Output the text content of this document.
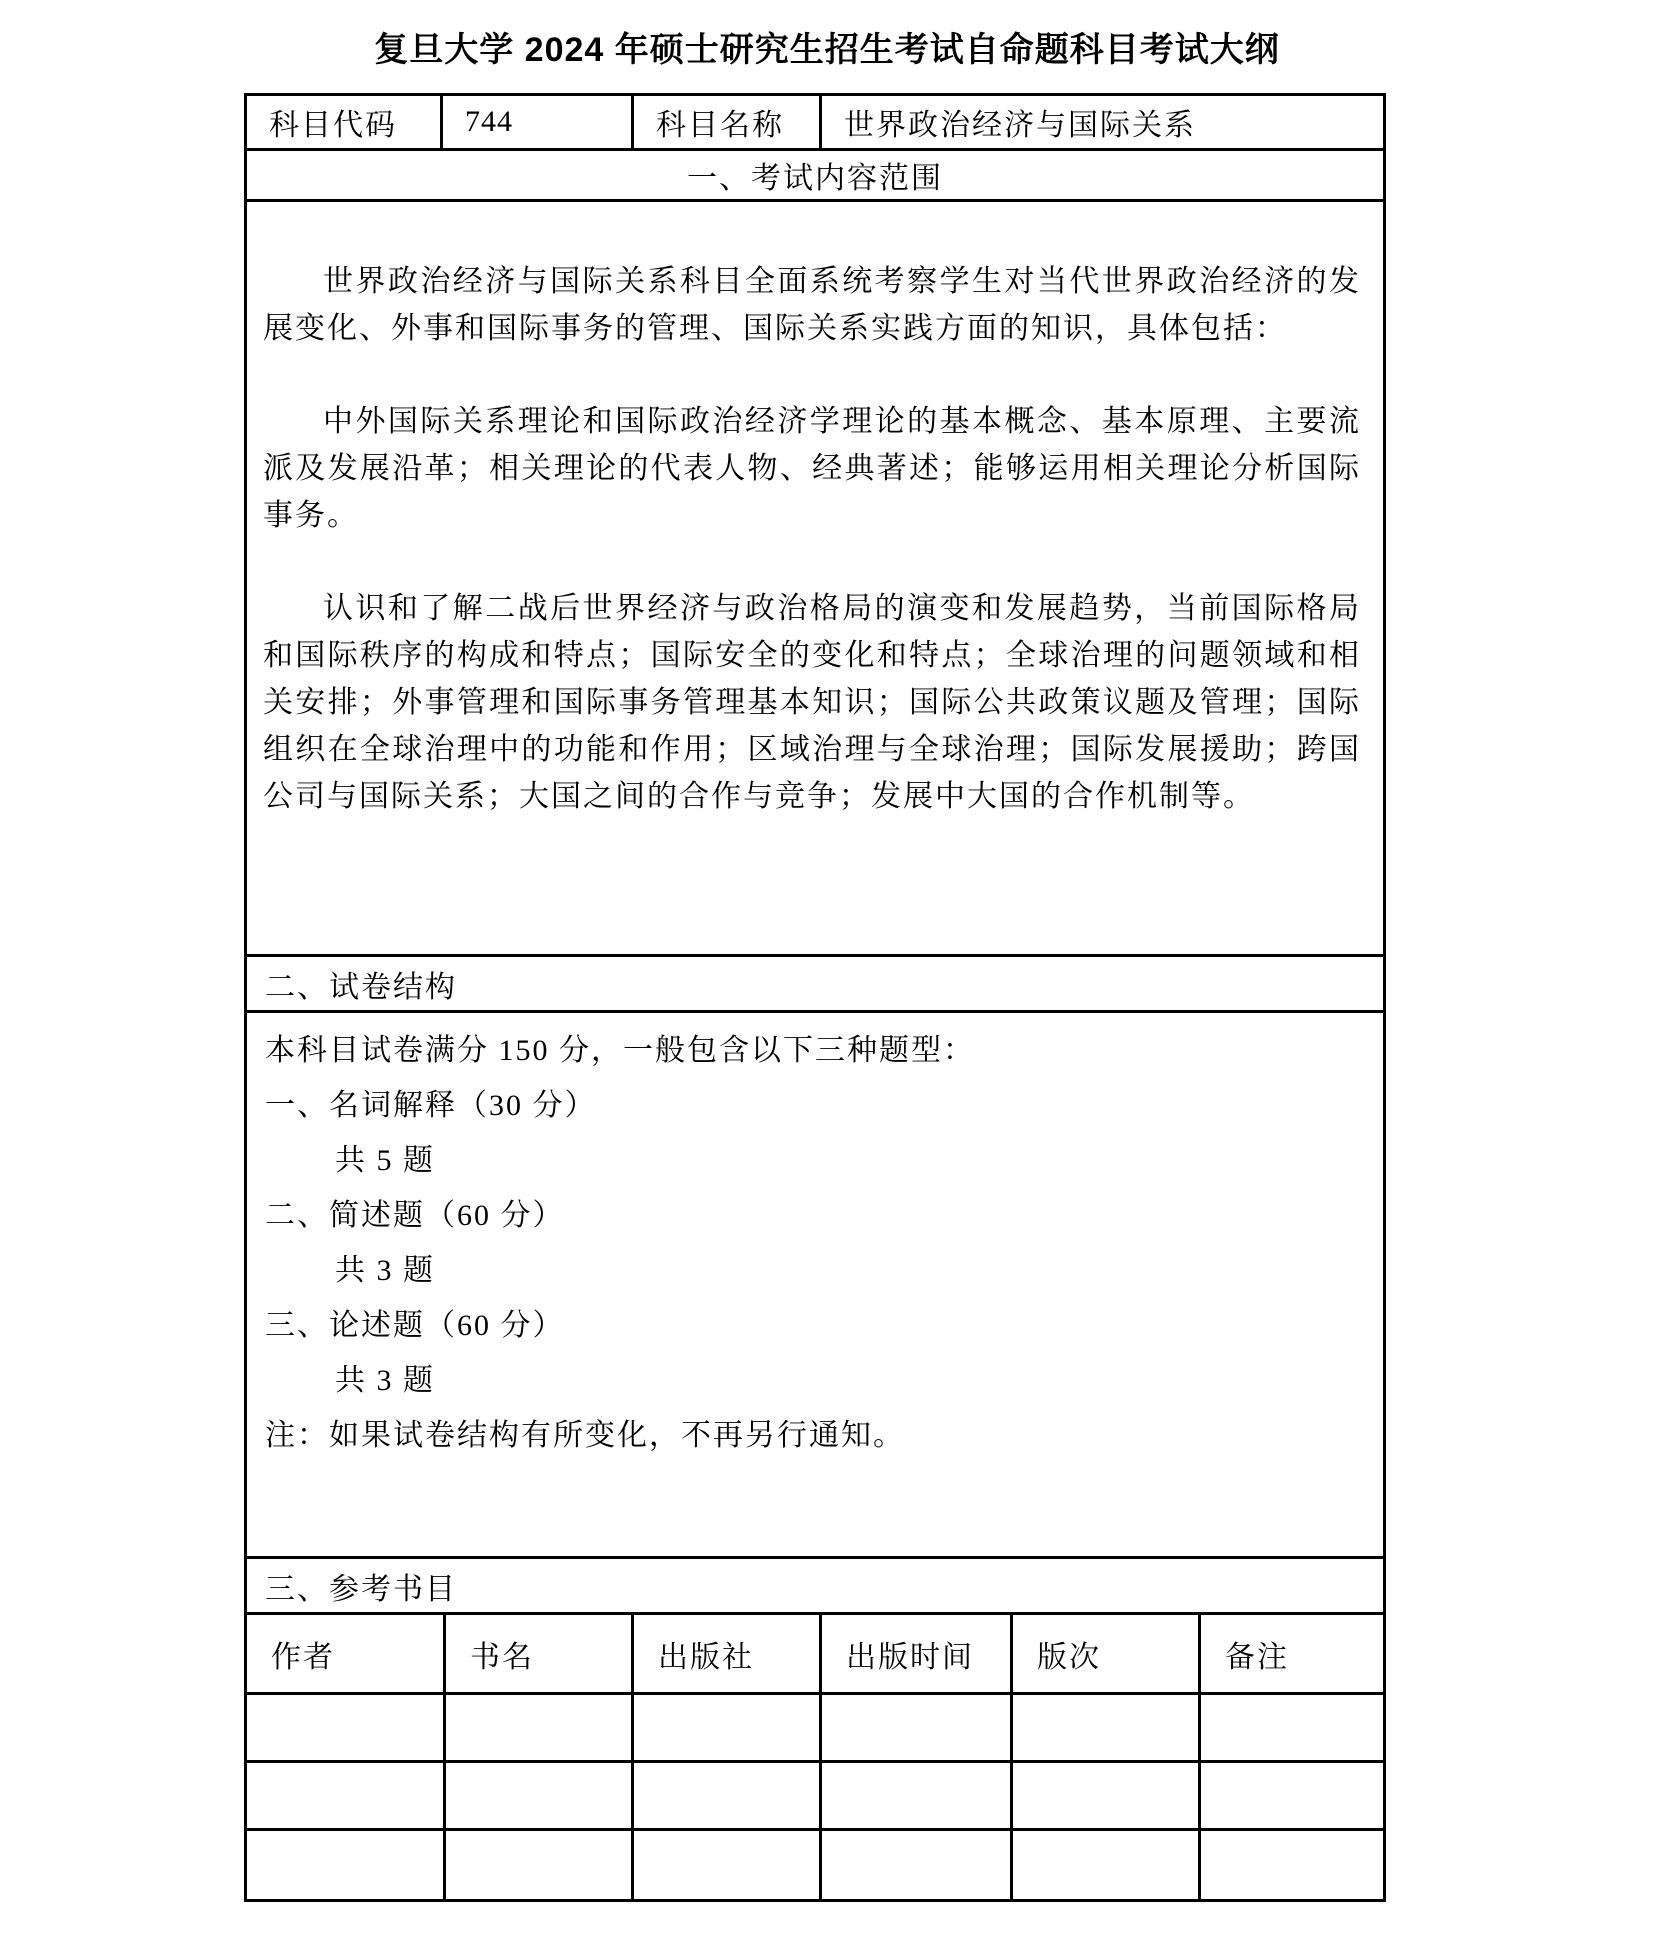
复旦大学 2024 年硕士研究生招生考试自命题科目考试大纲
科目代码	744	科目名称	世界政治经济与国际关系
一、考试内容范围

世界政治经济与国际关系科目全面系统考察学生对当代世界政治经济的发展变化、外事和国际事务的管理、国际关系实践方面的知识，具体包括：

中外国际关系理论和国际政治经济学理论的基本概念、基本原理、主要流派及发展沿革；相关理论的代表人物、经典著述；能够运用相关理论分析国际事务。

认识和了解二战后世界经济与政治格局的演变和发展趋势，当前国际格局和国际秩序的构成和特点；国际安全的变化和特点；全球治理的问题领域和相关安排；外事管理和国际事务管理基本知识；国际公共政策议题及管理；国际组织在全球治理中的功能和作用；区域治理与全球治理；国际发展援助；跨国公司与国际关系；大国之间的合作与竞争；发展中大国的合作机制等。

二、试卷结构
本科目试卷满分 150 分，一般包含以下三种题型：
一、名词解释（30 分）
共 5 题
二、简述题（60 分）
共 3 题
三、论述题（60 分）
共 3 题
注：如果试卷结构有所变化，不再另行通知。
三、参考书目
作者	书名	出版社	出版时间	版次	备注
